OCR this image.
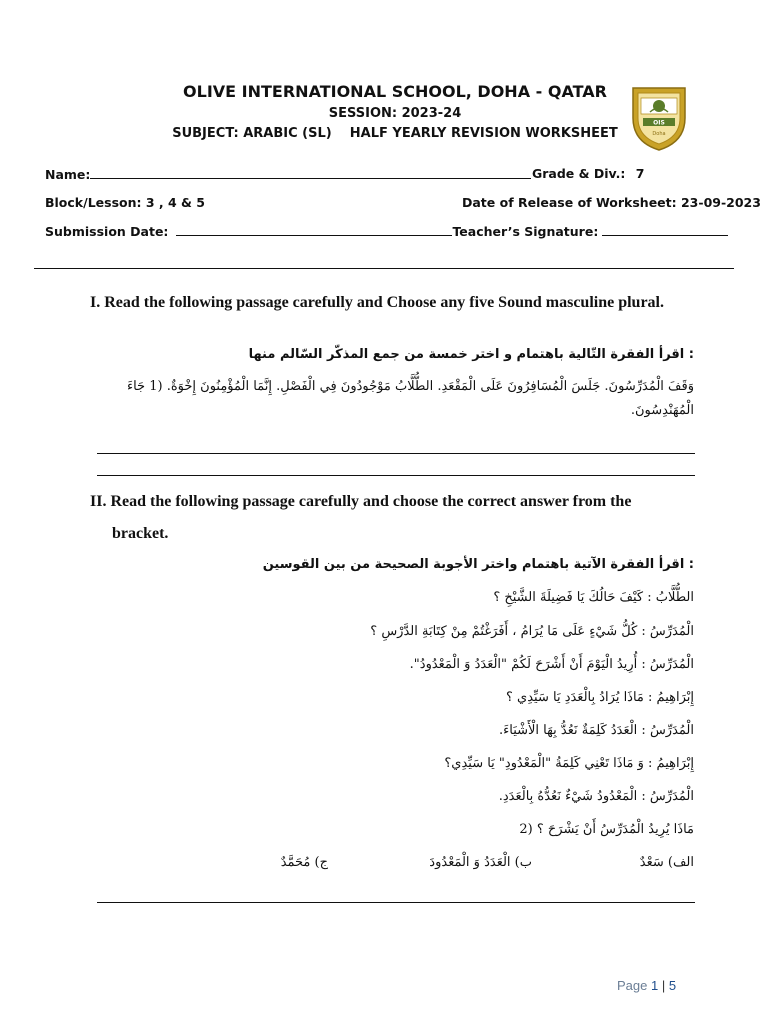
OLIVE INTERNATIONAL SCHOOL, DOHA - QATAR
SESSION: 2023-24
SUBJECT: ARABIC (SL)    HALF YEARLY REVISION WORKSHEET
OIS
Doha
Name:	Grade & Div.: 7
Block/Lesson: 3 , 4 & 5	Date of Release of Worksheet: 23-09-2023
Submission Date:	Teacher’s Signature:
I. Read the following passage carefully and Choose any five Sound masculine plural.
: اقرأ الفقرة التّالية باهتمام و اختر خمسة من جمع المذكّر السّالم منها
وَقَفَ الْمُدَرِّسُونَ. جَلَسَ الْمُسَافِرُونَ عَلَى الْمَقْعَدِ. الطُّلَّابُ مَوْجُودُونَ فِي الْفَصْلِ. إِنَّمَا الْمُؤْمِنُونَ إِخْوَةٌ. (1 جَاءَ الْمُهَنْدِسُونَ.
II. Read the following passage carefully and choose the correct answer from the
bracket.
: اقرأ الفقرة الآتية باهتمام واختر الأجوبة الصحيحة من بين القوسين
الطُّلَّابُ : كَيْفَ حَالُكَ يَا فَضِيلَةَ الشَّيْخِ ؟
الْمُدَرِّسُ : كُلُّ شَيْءٍ عَلَى مَا يُرَامُ ، أَفَرَغْتُمْ مِنْ كِتَابَةِ الدَّرْسِ ؟
الْمُدَرِّسُ : أُرِيدُ الْيَوْمَ أَنْ أَشْرَحَ لَكُمْ "الْعَدَدُ وَ الْمَعْدُودُ".
إِبْرَاهِيمُ : مَاذَا يُرَادُ بِالْعَدَدِ يَا سَيِّدِي ؟
الْمُدَرِّسُ : الْعَدَدُ كَلِمَةٌ نَعُدُّ بِهَا الْأَشْيَاءَ.
إِبْرَاهِيمُ : وَ مَاذَا تَعْنِي كَلِمَةُ "الْمَعْدُودِ" يَا سَيِّدِي؟
الْمُدَرِّسُ : الْمَعْدُودُ شَيْءٌ نَعُدُّهُ بِالْعَدَدِ.
مَاذَا يُرِيدُ الْمُدَرِّسُ أَنْ يَشْرَحَ ؟ (2
الف) سَعْدٌ
ب) الْعَدَدُ وَ الْمَعْدُودَ
ج) مُحَمَّدٌ
Page 1 | 5
